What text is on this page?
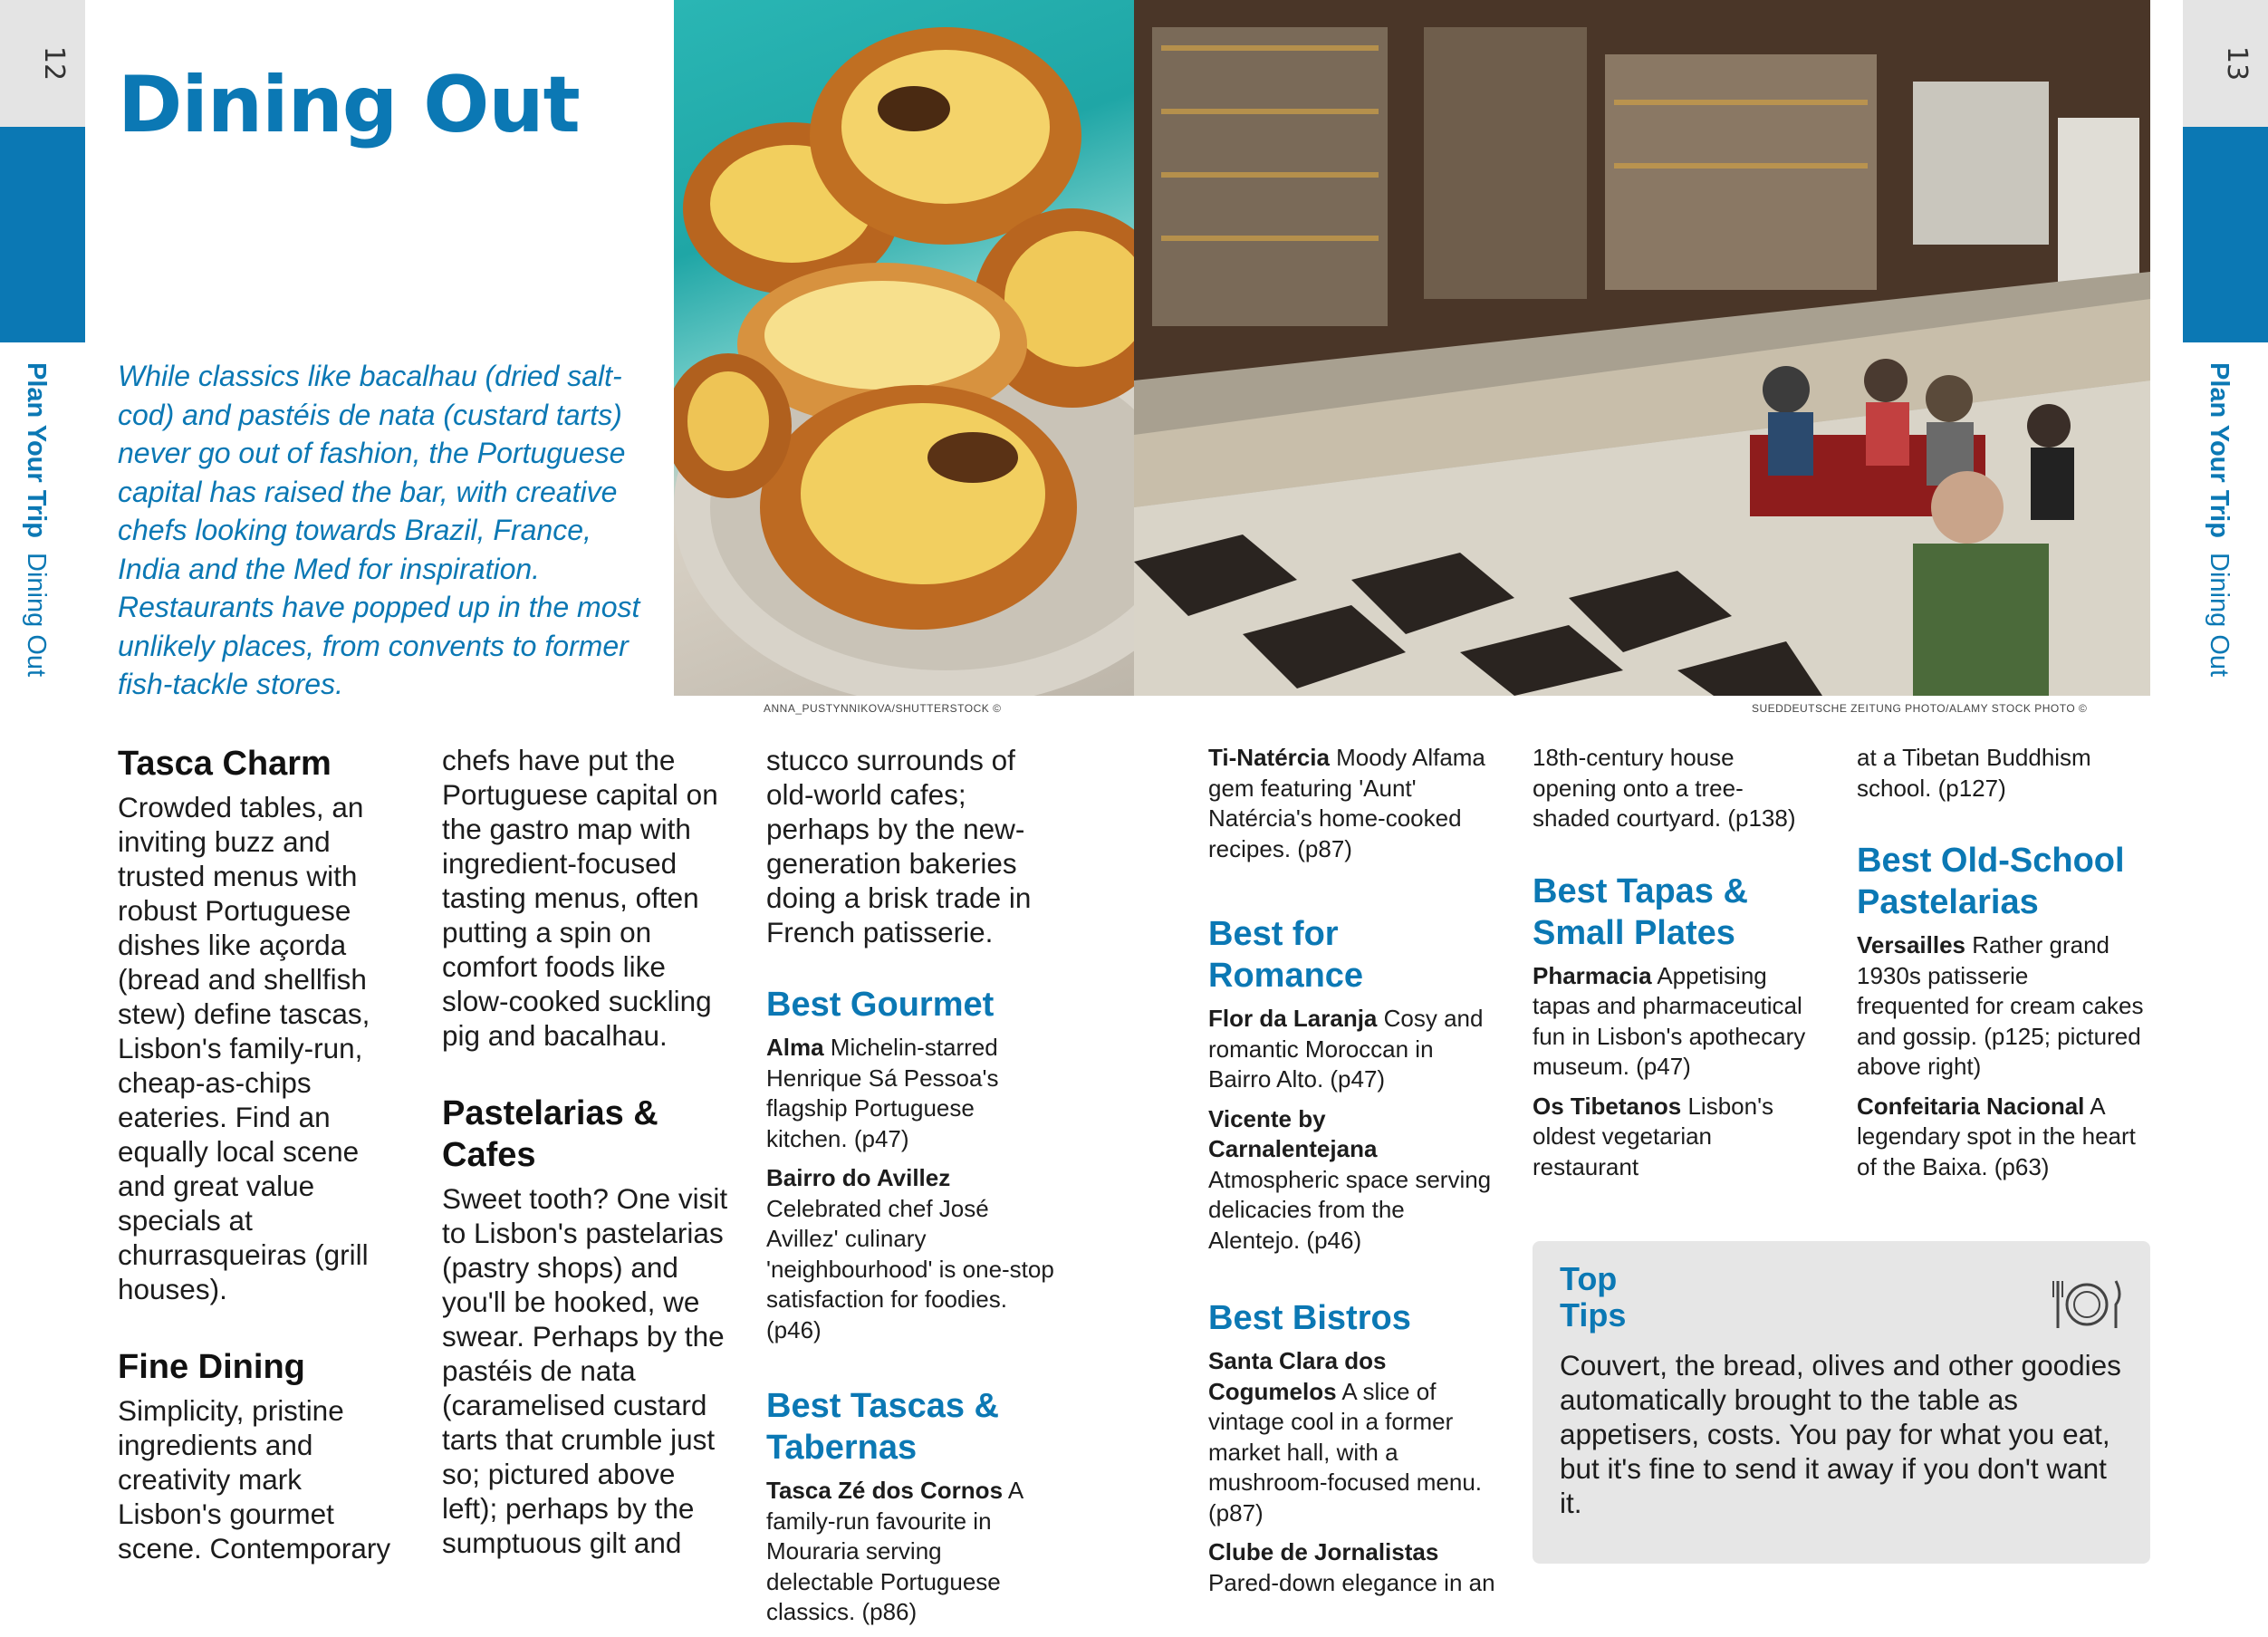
12
Plan Your Trip  Dining Out
13
Plan Your Trip  Dining Out
Dining Out
While classics like bacalhau (dried salt-cod) and pastéis de nata (custard tarts) never go out of fashion, the Portuguese capital has raised the bar, with creative chefs looking towards Brazil, France, India and the Med for inspiration. Restaurants have popped up in the most unlikely places, from convents to former fish-tackle stores.
ANNA_PUSTYNNIKOVA/SHUTTERSTOCK ©	SUEDDEUTSCHE ZEITUNG PHOTO/ALAMY STOCK PHOTO ©
Tasca Charm

Crowded tables, an inviting buzz and trusted menus with robust Portuguese dishes like açorda (bread and shellfish stew) define tascas, Lisbon's family-run, cheap-as-chips eateries. Find an equally local scene and great value specials at churrasqueiras (grill houses).

Fine Dining

Simplicity, pristine ingredients and creativity mark Lisbon's gourmet scene. Contemporary

chefs have put the Portuguese capital on the gastro map with ingredient-focused tasting menus, often putting a spin on comfort foods like slow-cooked suckling pig and bacalhau.

Pastelarias & Cafes

Sweet tooth? One visit to Lisbon's pastelarias (pastry shops) and you'll be hooked, we swear. Perhaps by the pastéis de nata (caramelised custard tarts that crumble just so; pictured above left); perhaps by the sumptuous gilt and

stucco surrounds of old-world cafes; perhaps by the new-generation bakeries doing a brisk trade in French patisserie.

Best Gourmet

Alma Michelin-starred Henrique Sá Pessoa's flagship Portuguese kitchen. (p47)

Bairro do Avillez Celebrated chef José Avillez' culinary 'neighbourhood' is one-stop satisfaction for foodies. (p46)

Best Tascas & Tabernas

Tasca Zé dos Cornos A family-run favourite in Mouraria serving delectable Portuguese classics. (p86)

Ti-Natércia Moody Alfama gem featuring 'Aunt' Natércia's home-cooked recipes. (p87)

Best for Romance

Flor da Laranja Cosy and romantic Moroccan in Bairro Alto. (p47)

Vicente by Carnalentejana Atmospheric space serving delicacies from the Alentejo. (p46)

Best Bistros

Santa Clara dos Cogumelos A slice of vintage cool in a former market hall, with a mushroom-focused menu. (p87)

Clube de Jornalistas Pared-down elegance in an

18th-century house opening onto a tree-shaded courtyard. (p138)

Best Tapas & Small Plates

Pharmacia Appetising tapas and pharmaceutical fun in Lisbon's apothecary museum. (p47)

Os Tibetanos Lisbon's oldest vegetarian restaurant

at a Tibetan Buddhism school. (p127)

Best Old-School Pastelarias

Versailles Rather grand 1930s patisserie frequented for cream cakes and gossip. (p125; pictured above right)

Confeitaria Nacional A legendary spot in the heart of the Baixa. (p63)

Top Tips
Couvert, the bread, olives and other goodies automatically brought to the table as appetisers, costs. You pay for what you eat, but it's fine to send it away if you don't want it.
